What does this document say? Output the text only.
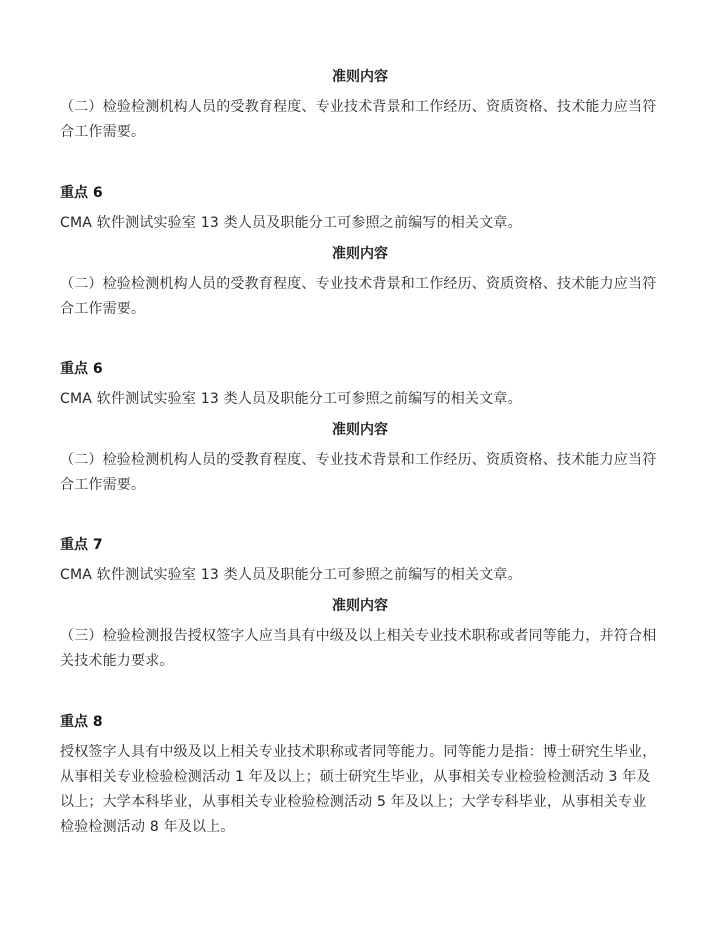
准则内容
（二）检验检测机构人员的受教育程度、专业技术背景和工作经历、资质资格、技术能力应当符合工作需要。
重点 6
CMA 软件测试实验室 13 类人员及职能分工可参照之前编写的相关文章。
准则内容
（二）检验检测机构人员的受教育程度、专业技术背景和工作经历、资质资格、技术能力应当符合工作需要。
重点 6
CMA 软件测试实验室 13 类人员及职能分工可参照之前编写的相关文章。
准则内容
（二）检验检测机构人员的受教育程度、专业技术背景和工作经历、资质资格、技术能力应当符合工作需要。
重点 7
CMA 软件测试实验室 13 类人员及职能分工可参照之前编写的相关文章。
准则内容
（三）检验检测报告授权签字人应当具有中级及以上相关专业技术职称或者同等能力，并符合相关技术能力要求。
重点 8
授权签字人具有中级及以上相关专业技术职称或者同等能力。同等能力是指：博士研究生毕业，从事相关专业检验检测活动 1 年及以上；硕士研究生毕业，从事相关专业检验检测活动 3 年及以上；大学本科毕业，从事相关专业检验检测活动 5 年及以上；大学专科毕业，从事相关专业检验检测活动 8 年及以上。
